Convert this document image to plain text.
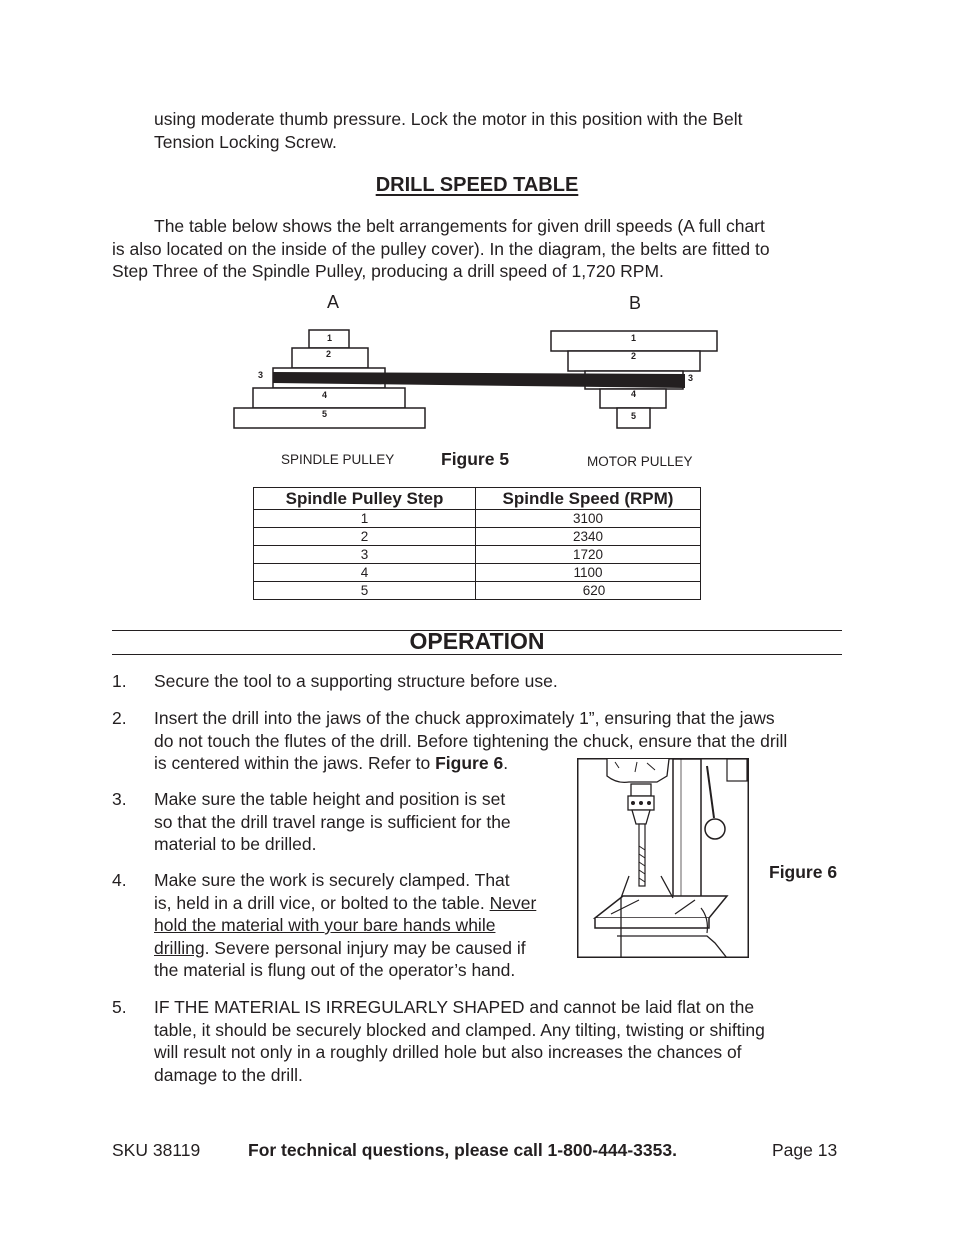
using moderate thumb pressure. Lock the motor in this position with the Belt
Tension Locking Screw.
DRILL SPEED TABLE
The table below shows the belt arrangements for given drill speeds (A full chart
is also located on the inside of the pulley cover). In the diagram, the belts are fitted to
Step Three of the Spindle Pulley, producing a drill speed of 1,720 RPM.
A	B
1
2
3
4
5
1
2
3
4
5
SPINDLE PULLEY	Figure 5	MOTOR PULLEY
Spindle Pulley Step	Spindle Speed (RPM)
1	3100
2	2340
3	1720
4	1100
5	620
OPERATION
1. Secure the tool to a supporting structure before use.
2. Insert the drill into the jaws of the chuck approximately 1”, ensuring that the jaws
do not touch the flutes of the drill. Before tightening the chuck, ensure that the drill
is centered within the jaws. Refer to Figure 6.
3. Make sure the table height and position is set
so that the drill travel range is sufficient for the
material to be drilled.
4. Make sure the work is securely clamped. That
is, held in a drill vice, or bolted to the table. Never
hold the material with your bare hands while
drilling. Severe personal injury may be caused if
the material is flung out of the operator’s hand.
Figure 6
5. IF THE MATERIAL IS IRREGULARLY SHAPED and cannot be laid flat on the
table, it should be securely blocked and clamped. Any tilting, twisting or shifting
will result not only in a roughly drilled hole but also increases the chances of
damage to the drill.
SKU 38119	For technical questions, please call 1-800-444-3353.	Page 13
